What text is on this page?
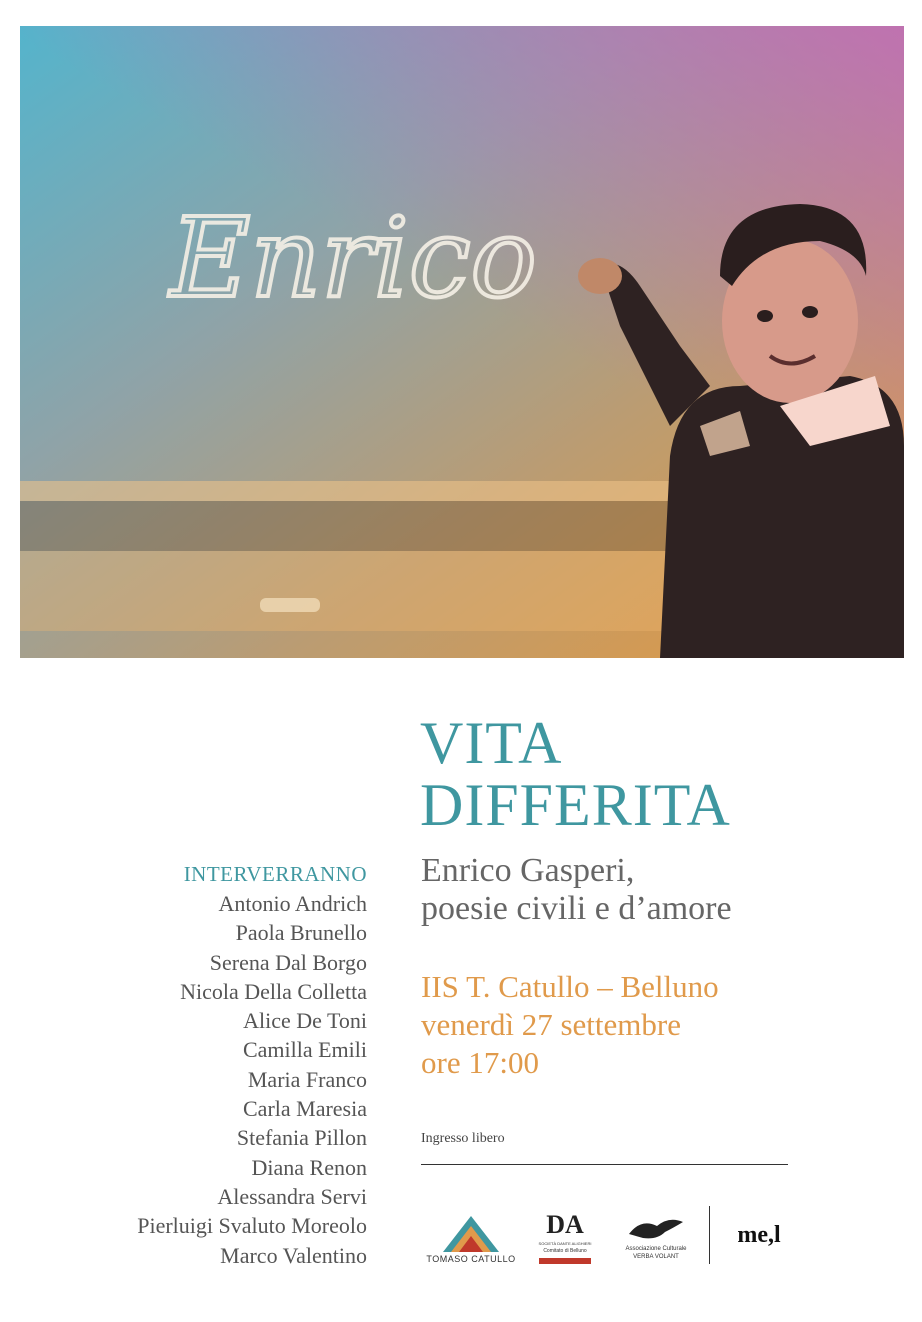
Enrico
VITA
DIFFERITA
Enrico Gasperi,
poesie civili e d’amore
IIS T. Catullo – Belluno
venerdì 27 settembre
ore 17:00
Ingresso libero
INTERVERRANNO
Antonio Andrich
Paola Brunello
Serena Dal Borgo
Nicola Della Colletta
Alice De Toni
Camilla Emili
Maria Franco
Carla Maresia
Stefania Pillon
Diana Renon
Alessandra Servi
Pierluigi Svaluto Moreolo
Marco Valentino	TOMASO CATULLO
DA
SOCIETÀ DANTE ALIGHIERI
Comitato di Belluno	Associazione Culturale
VERBA VOLANT
me,l
